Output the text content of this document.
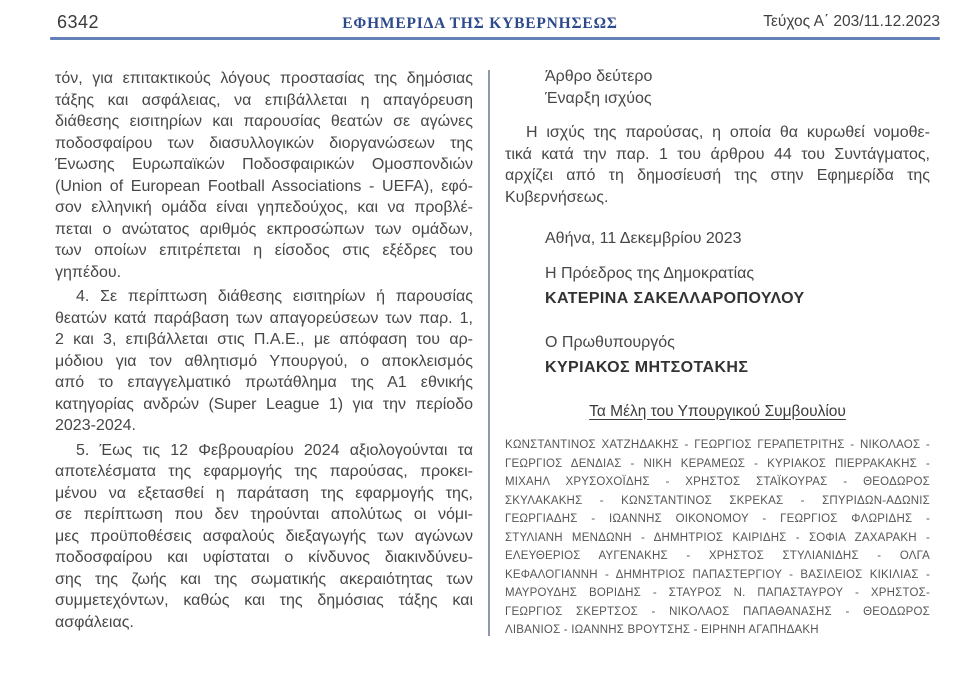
6342	ΕΦΗΜΕΡΙΔΑ ΤΗΣ ΚΥΒΕΡΝΗΣΕΩΣ	Τεύχος Α΄ 203/11.12.2023
τόν, για επιτακτικούς λόγους προστασίας της δημόσιας
τάξης και ασφάλειας, να επιβάλλεται η απαγόρευση
διάθεσης εισιτηρίων και παρουσίας θεατών σε αγώνες
ποδοσφαίρου των διασυλλογικών διοργανώσεων της
Ένωσης Ευρωπαϊκών Ποδοσφαιρικών Ομοσπονδιών
(Union of European Football Associations - UEFA), εφό-
σον ελληνική ομάδα είναι γηπεδούχος, και να προβλέ-
πεται ο ανώτατος αριθμός εκπροσώπων των ομάδων,
των οποίων επιτρέπεται η είσοδος στις εξέδρες του
γηπέδου.
4. Σε περίπτωση διάθεσης εισιτηρίων ή παρουσίας
θεατών κατά παράβαση των απαγορεύσεων των παρ. 1,
2 και 3, επιβάλλεται στις Π.Α.Ε., με απόφαση του αρ-
μόδιου για τον αθλητισμό Υπουργού, ο αποκλεισμός
από το επαγγελματικό πρωτάθλημα της Α1 εθνικής
κατηγορίας ανδρών (Super League 1) για την περίοδο
2023-2024.
5. Έως τις 12 Φεβρουαρίου 2024 αξιολογούνται τα
αποτελέσματα της εφαρμογής της παρούσας, προκει-
μένου να εξετασθεί η παράταση της εφαρμογής της,
σε περίπτωση που δεν τηρούνται απολύτως οι νόμι-
μες προϋποθέσεις ασφαλούς διεξαγωγής των αγώνων
ποδοσφαίρου και υφίσταται ο κίνδυνος διακινδύνευ-
σης της ζωής και της σωματικής ακεραιότητας των
συμμετεχόντων, καθώς και της δημόσιας τάξης και
ασφάλειας.
Άρθρο δεύτερο
Έναρξη ισχύος
Η ισχύς της παρούσας, η οποία θα κυρωθεί νομοθε-
τικά κατά την παρ. 1 του άρθρου 44 του Συντάγματος,
αρχίζει από τη δημοσίευσή της στην Εφημερίδα της
Κυβερνήσεως.
Αθήνα, 11 Δεκεμβρίου 2023
Η Πρόεδρος της Δημοκρατίας
ΚΑΤΕΡΙΝΑ ΣΑΚΕΛΛΑΡΟΠΟΥΛΟΥ
Ο Πρωθυπουργός
ΚΥΡΙΑΚΟΣ ΜΗΤΣΟΤΑΚΗΣ
Τα Μέλη του Υπουργικού Συμβουλίου
ΚΩΝΣΤΑΝΤΙΝΟΣ ΧΑΤΖΗΔΑΚΗΣ - ΓΕΩΡΓΙΟΣ ΓΕΡΑΠΕΤΡΙΤΗΣ - ΝΙΚΟΛΑΟΣ -
ΓΕΩΡΓΙΟΣ ΔΕΝΔΙΑΣ - ΝΙΚΗ ΚΕΡΑΜΕΩΣ - ΚΥΡΙΑΚΟΣ ΠΙΕΡΡΑΚΑΚΗΣ -
ΜΙΧΑΗΛ ΧΡΥΣΟΧΟΪΔΗΣ - ΧΡΗΣΤΟΣ ΣΤΑΪΚΟΥΡΑΣ - ΘΕΟΔΩΡΟΣ
ΣΚΥΛΑΚΑΚΗΣ - ΚΩΝΣΤΑΝΤΙΝΟΣ ΣΚΡΕΚΑΣ - ΣΠΥΡΙΔΩΝ-ΑΔΩΝΙΣ
ΓΕΩΡΓΙΑΔΗΣ - ΙΩΑΝΝΗΣ ΟΙΚΟΝΟΜΟΥ - ΓΕΩΡΓΙΟΣ ΦΛΩΡΙΔΗΣ -
ΣΤΥΛΙΑΝΗ ΜΕΝΔΩΝΗ - ΔΗΜΗΤΡΙΟΣ ΚΑΙΡΙΔΗΣ - ΣΟΦΙΑ ΖΑΧΑΡΑΚΗ -
ΕΛΕΥΘΕΡΙΟΣ ΑΥΓΕΝΑΚΗΣ - ΧΡΗΣΤΟΣ ΣΤΥΛΙΑΝΙΔΗΣ - ΟΛΓΑ
ΚΕΦΑΛΟΓΙΑΝΝΗ - ΔΗΜΗΤΡΙΟΣ ΠΑΠΑΣΤΕΡΓΙΟΥ - ΒΑΣΙΛΕΙΟΣ ΚΙΚΙΛΙΑΣ -
ΜΑΥΡΟΥΔΗΣ ΒΟΡΙΔΗΣ - ΣΤΑΥΡΟΣ Ν. ΠΑΠΑΣΤΑΥΡΟΥ - ΧΡΗΣΤΟΣ-
ΓΕΩΡΓΙΟΣ ΣΚΕΡΤΣΟΣ - ΝΙΚΟΛΑΟΣ ΠΑΠΑΘΑΝΑΣΗΣ - ΘΕΟΔΩΡΟΣ
ΛΙΒΑΝΙΟΣ - ΙΩΑΝΝΗΣ ΒΡΟΥΤΣΗΣ - ΕΙΡΗΝΗ ΑΓΑΠΗΔΑΚΗ
